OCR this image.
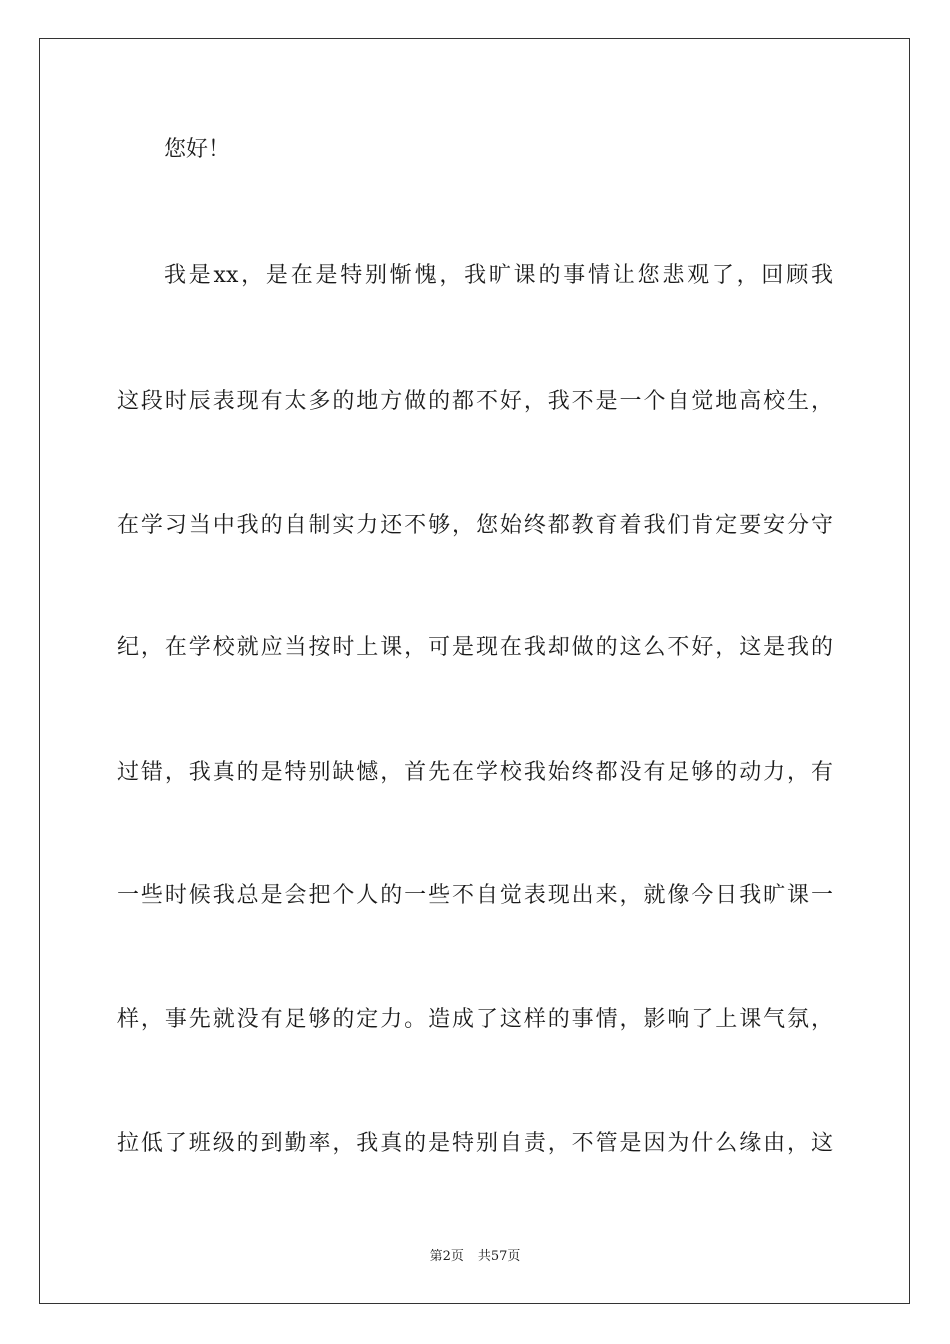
您好！
我是xx，是在是特别惭愧，我旷课的事情让您悲观了，回顾我
这段时辰表现有太多的地方做的都不好，我不是一个自觉地高校生，
在学习当中我的自制实力还不够，您始终都教育着我们肯定要安分守
纪，在学校就应当按时上课，可是现在我却做的这么不好，这是我的
过错，我真的是特别缺憾，首先在学校我始终都没有足够的动力，有
一些时候我总是会把个人的一些不自觉表现出来，就像今日我旷课一
样，事先就没有足够的定力。造成了这样的事情，影响了上课气氛，
拉低了班级的到勤率，我真的是特别自责，不管是因为什么缘由，这
第2页 共57页
